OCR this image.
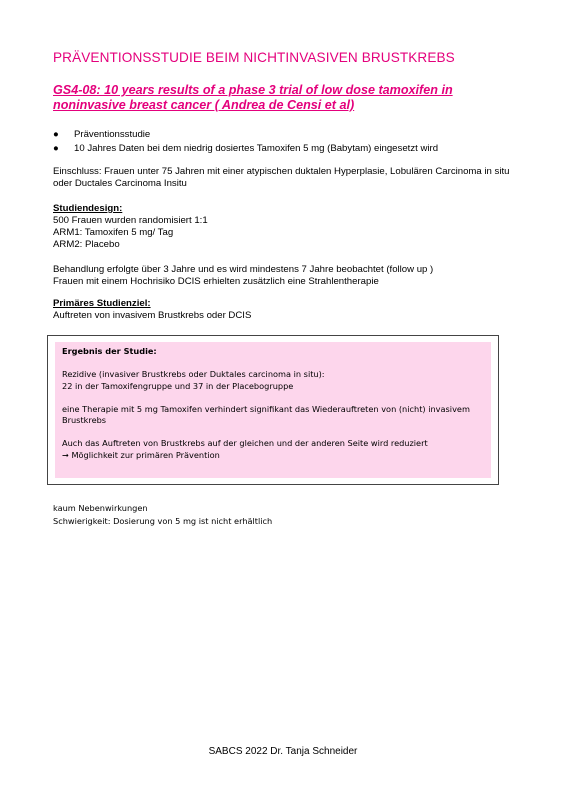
PRÄVENTIONSSTUDIE BEIM NICHTINVASIVEN BRUSTKREBS
GS4-08: 10 years results of a phase 3 trial of low dose tamoxifen in noninvasive breast cancer ( Andrea de Censi et al)
●	Präventionsstudie
●	10 Jahres Daten bei dem niedrig dosiertes Tamoxifen 5 mg (Babytam) eingesetzt wird
Einschluss: Frauen unter 75 Jahren mit einer atypischen duktalen Hyperplasie, Lobulären Carcinoma in situ oder Ductales Carcinoma Insitu
Studiendesign:
500 Frauen wurden randomisiert 1:1
ARM1: Tamoxifen 5 mg/ Tag
ARM2: Placebo
Behandlung erfolgte über 3 Jahre und es wird mindestens 7 Jahre beobachtet (follow up )
Frauen mit einem Hochrisiko DCIS erhielten zusätzlich eine Strahlentherapie
Primäres Studienziel:
Auftreten von invasivem Brustkrebs oder DCIS
Ergebnis der Studie:
Rezidive (invasiver Brustkrebs oder Duktales carcinoma in situ):
22 in der Tamoxifengruppe und 37 in der Placebogruppe
eine Therapie mit 5 mg Tamoxifen verhindert signifikant das Wiederauftreten von (nicht) invasivem
Brustkrebs
Auch das Auftreten von Brustkrebs auf der gleichen und der anderen Seite wird reduziert
➞ Möglichkeit zur primären Prävention
kaum Nebenwirkungen
Schwierigkeit: Dosierung von 5 mg ist nicht erhältlich
SABCS 2022 Dr. Tanja Schneider
